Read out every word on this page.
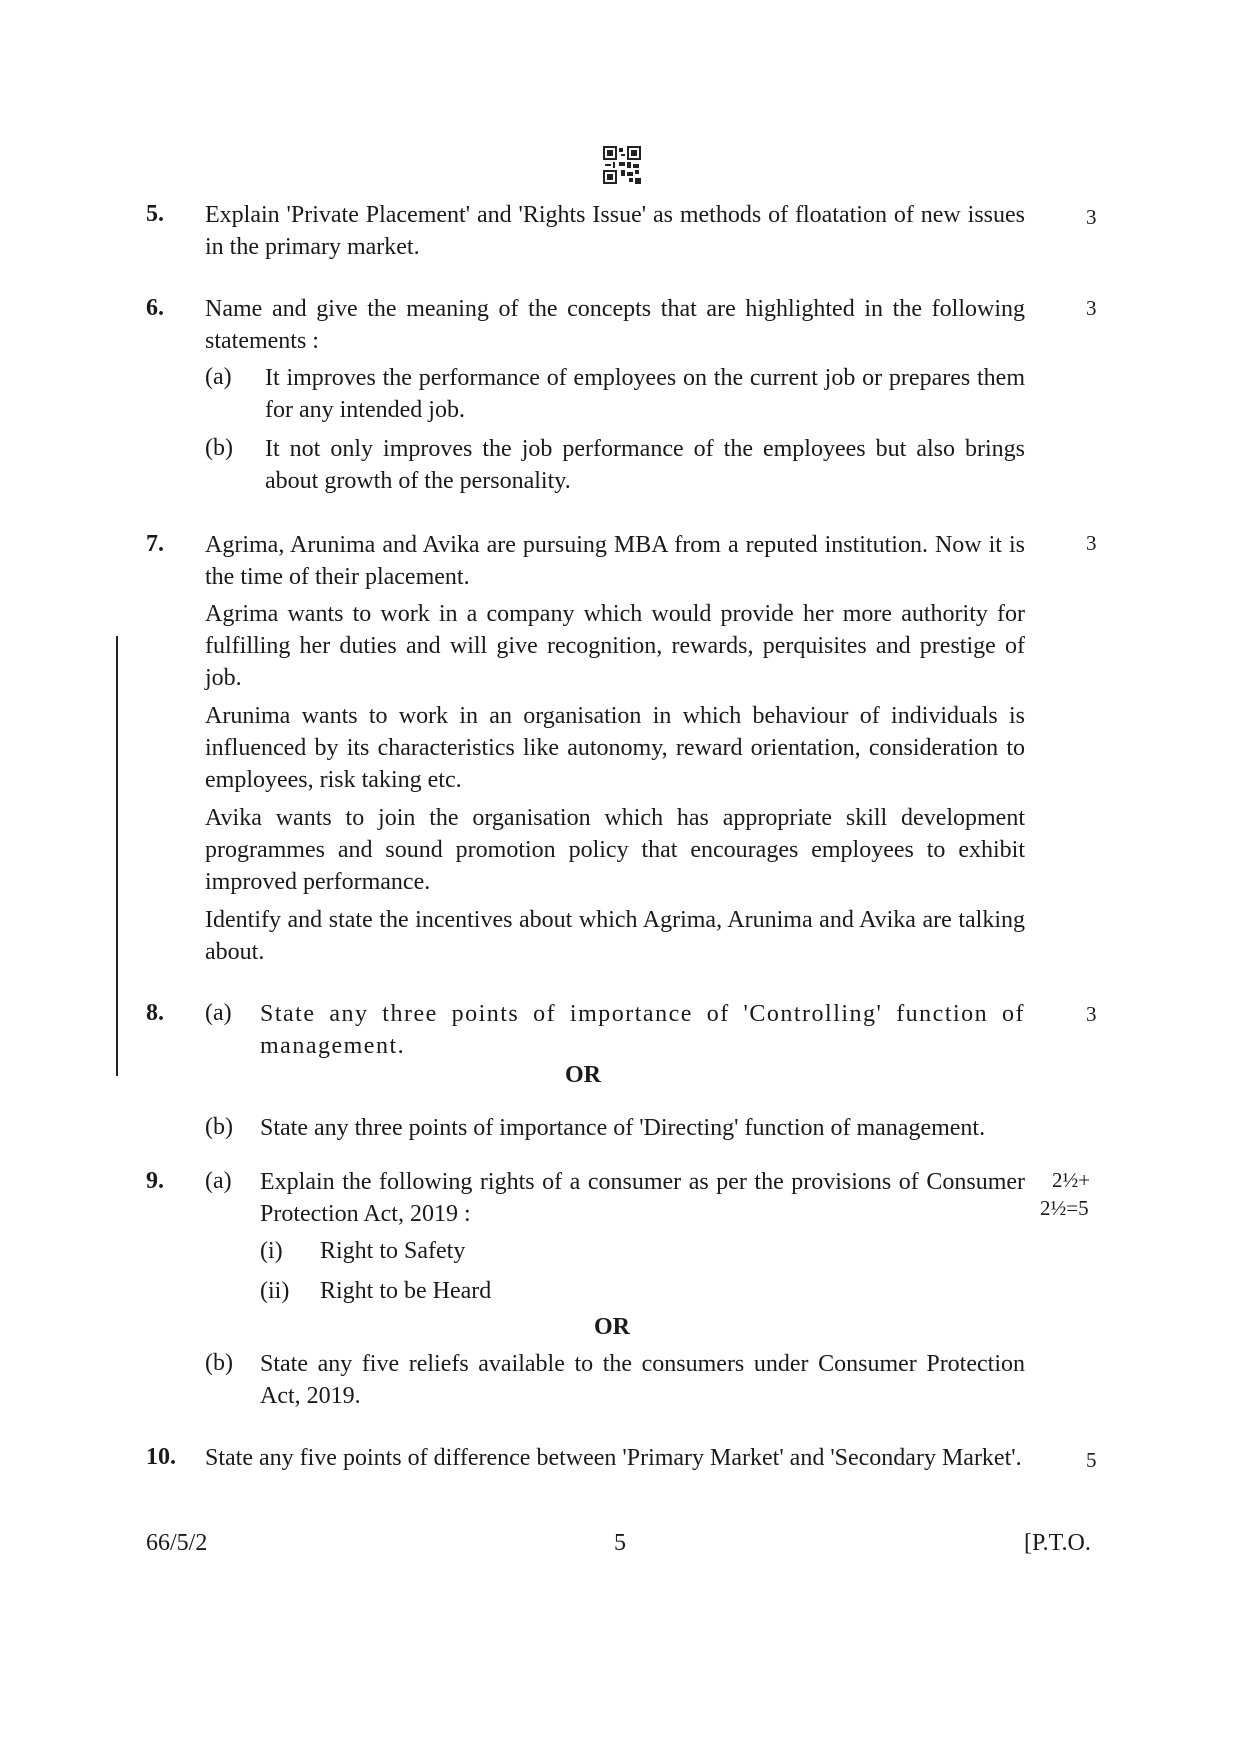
5. Explain 'Private Placement' and 'Rights Issue' as methods of floatation of new issues in the primary market.
3
6. Name and give the meaning of the concepts that are highlighted in the following statements :
3
(a) It improves the performance of employees on the current job or prepares them for any intended job.
(b) It not only improves the job performance of the employees but also brings about growth of the personality.
7.	3
Agrima, Arunima and Avika are pursuing MBA from a reputed institution. Now it is the time of their placement.
Agrima wants to work in a company which would provide her more authority for fulfilling her duties and will give recognition, rewards, perquisites and prestige of job.
Arunima wants to work in an organisation in which behaviour of individuals is influenced by its characteristics like autonomy, reward orientation, consideration to employees, risk taking etc.
Avika wants to join the organisation which has appropriate skill development programmes and sound promotion policy that encourages employees to exhibit improved performance.
Identify and state the incentives about which Agrima, Arunima and Avika are talking about.
8.	3
(a) State any three points of importance of 'Controlling' function of management.
OR
(b) State any three points of importance of 'Directing' function of management.
9.	2½+
2½=5
(a) Explain the following rights of a consumer as per the provisions of Consumer Protection Act, 2019 :
(i) Right to Safety
(ii) Right to be Heard
OR
(b) State any five reliefs available to the consumers under Consumer Protection Act, 2019.
10. State any five points of difference between 'Primary Market' and 'Secondary Market'.	5
66/5/2	5	[P.T.O.
